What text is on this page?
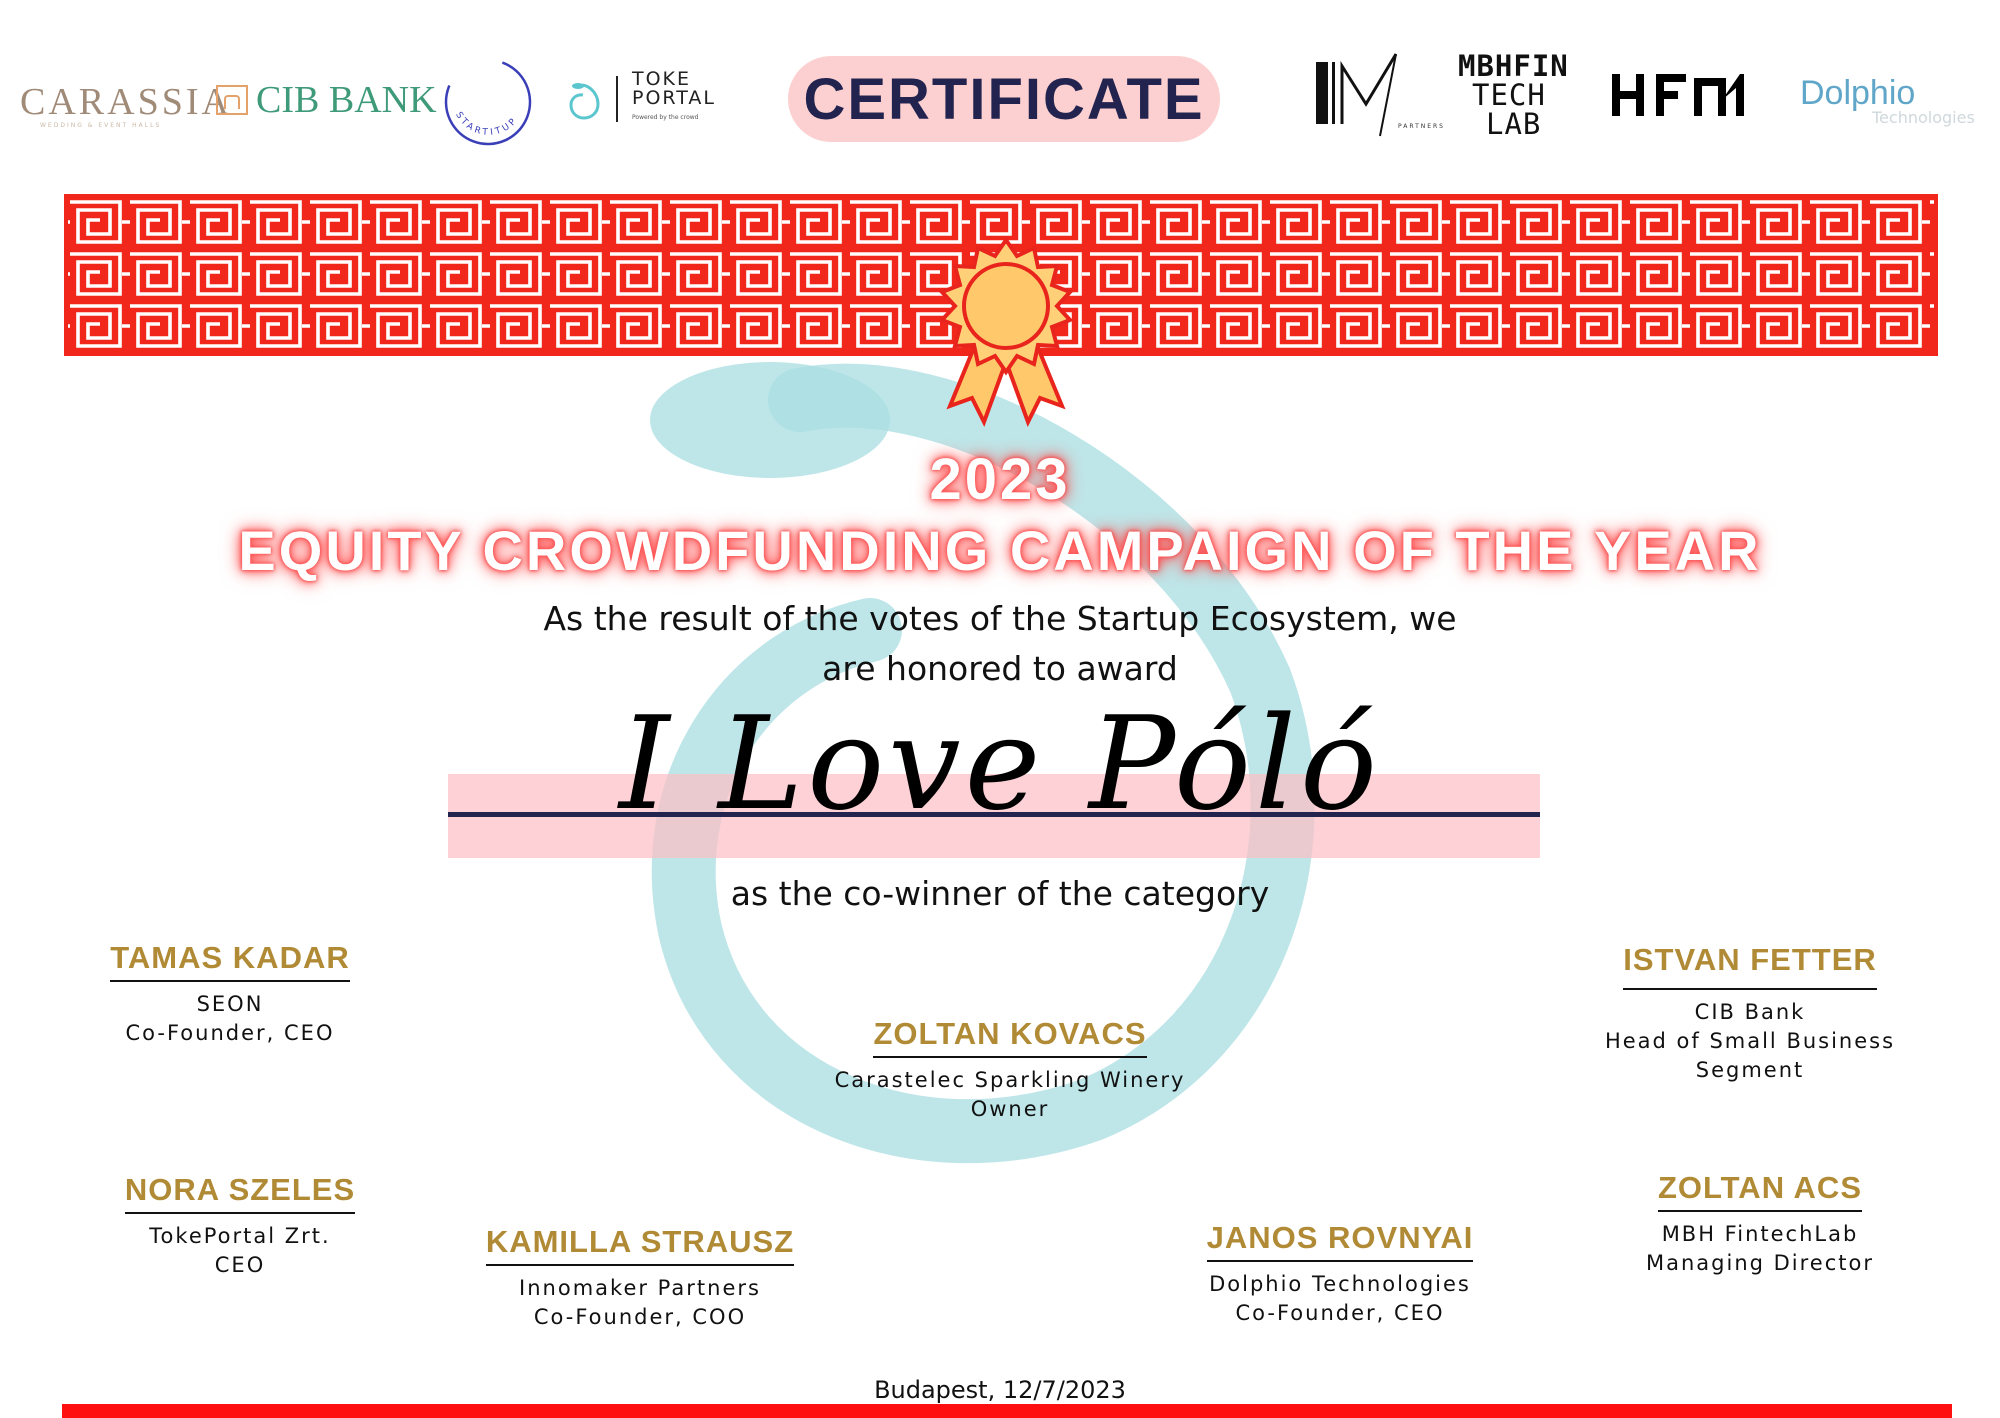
CARASSIA
WEDDING & EVENT HALLS
CIB BANK STARTITUP
TOKE
PORTAL
Powered by the crowd	CERTIFICATE	PARTNERS
MBHFIN
TECH
LAB
Dolphio
Technologies
2023
EQUITY CROWDFUNDING CAMPAIGN OF THE YEAR
As the result of the votes of the Startup Ecosystem, we
are honored to award
I Love Póló
as the co-winner of the category
TAMAS KADAR
SEON
Co-Founder, CEO
ISTVAN FETTER
CIB Bank
Head of Small Business Segment
ZOLTAN KOVACS
Carastelec Sparkling Winery
Owner
NORA SZELES
TokePortal Zrt.
CEO
KAMILLA STRAUSZ
Innomaker Partners
Co-Founder, COO
JANOS ROVNYAI
Dolphio Technologies
Co-Founder, CEO
ZOLTAN ACS
MBH FintechLab
Managing Director
Budapest, 12/7/2023
